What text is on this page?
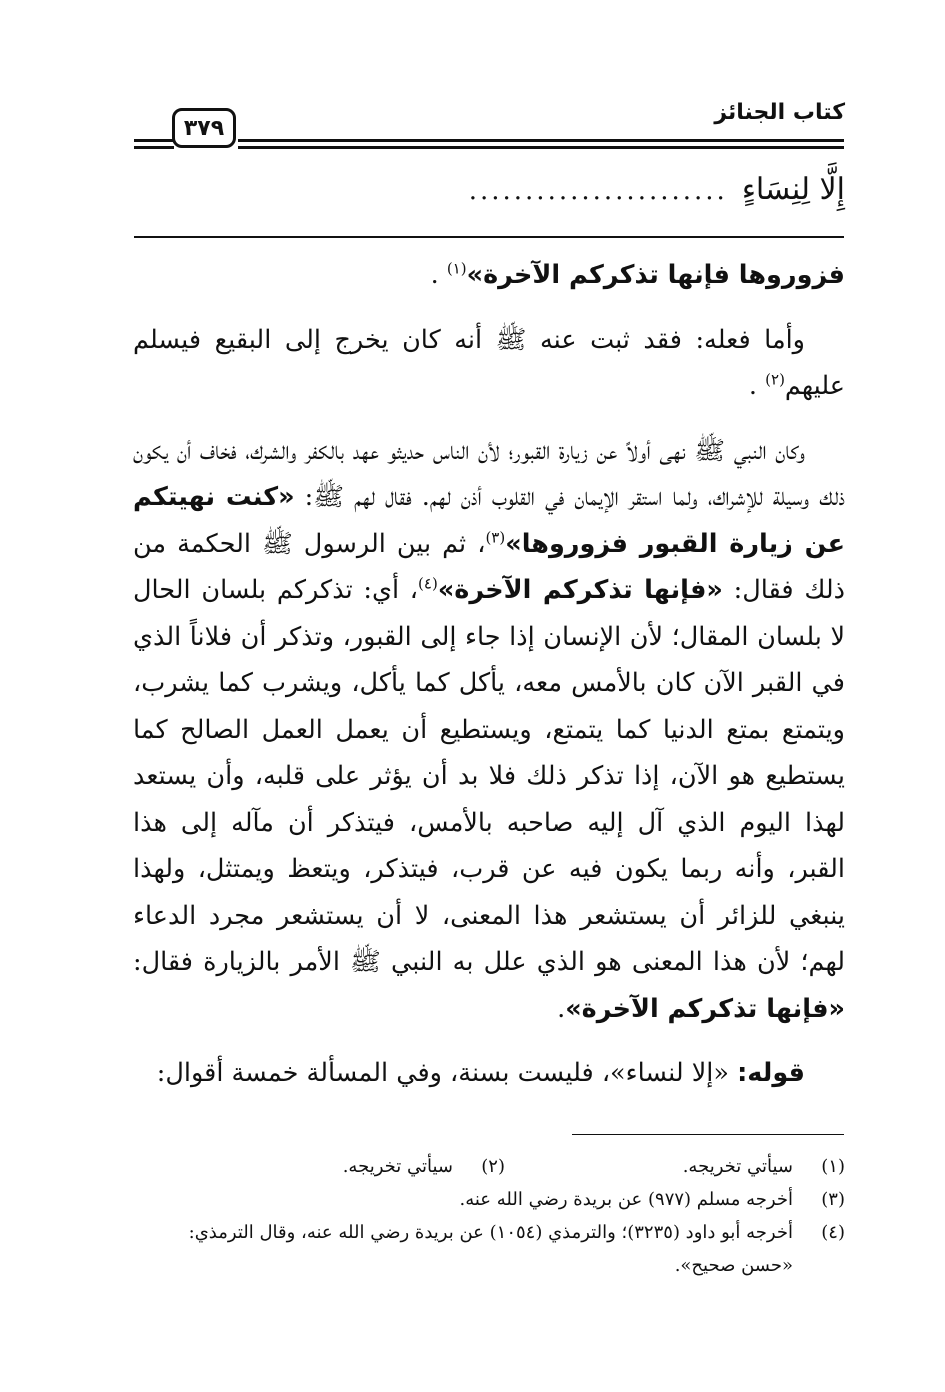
كتاب الجنائز
٣٧٩
إِلَّا لِنِسَاءٍ
.......................

فزوروها فإنها تذكركم الآخرة»$^{(١)}$ .

وأما فعله: فقد ثبت عنه ﷺ أنه كان يخرج إلى البقيع فيسلم عليهم$^{(٢)}$ .

وكان النبي ﷺ نهى أولاً عن زيارة القبور؛ لأن الناس حديثو عهد بالكفر والشرك، فخاف أن يكون ذلك وسيلة للإشراك، ولما استقر الإيمان في القلوب أذن لهم. فقال لهم ﷺ: «كنت نهيتكم عن زيارة القبور فزوروها»$^{(٣)}$، ثم بين الرسول ﷺ الحكمة من ذلك فقال: «فإنها تذكركم الآخرة»$^{(٤)}$، أي: تذكركم بلسان الحال لا بلسان المقال؛ لأن الإنسان إذا جاء إلى القبور، وتذكر أن فلاناً الذي في القبر الآن كان بالأمس معه، يأكل كما يأكل، ويشرب كما يشرب، ويتمتع بمتع الدنيا كما يتمتع، ويستطيع أن يعمل العمل الصالح كما يستطيع هو الآن، إذا تذكر ذلك فلا بد أن يؤثر على قلبه، وأن يستعد لهذا اليوم الذي آل إليه صاحبه بالأمس، فيتذكر أن مآله إلى هذا القبر، وأنه ربما يكون فيه عن قرب، فيتذكر، ويتعظ ويمتثل، ولهذا ينبغي للزائر أن يستشعر هذا المعنى، لا أن يستشعر مجرد الدعاء لهم؛ لأن هذا المعنى هو الذي علل به النبي ﷺ الأمر بالزيارة فقال: «فإنها تذكركم الآخرة».

قوله: «إلا لنساء»، فليست بسنة، وفي المسألة خمسة أقوال:

(١)
سيأتي تخريجه.
(٢)
سيأتي تخريجه.
(٣)
أخرجه مسلم (٩٧٧) عن بريدة رضي الله عنه.
(٤)
أخرجه أبو داود (٣٢٣٥)؛ والترمذي (١٠٥٤) عن بريدة رضي الله عنه، وقال الترمذي: «حسن صحيح».
